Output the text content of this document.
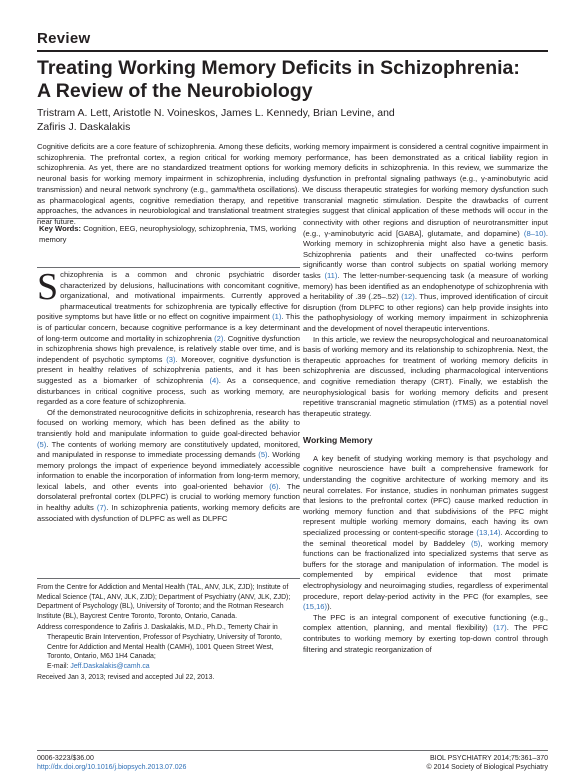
Review
Treating Working Memory Deficits in Schizophrenia:
A Review of the Neurobiology
Tristram A. Lett, Aristotle N. Voineskos, James L. Kennedy, Brian Levine, and
Zafiris J. Daskalakis
Cognitive deficits are a core feature of schizophrenia. Among these deficits, working memory impairment is considered a central cognitive impairment in schizophrenia. The prefrontal cortex, a region critical for working memory performance, has been demonstrated as a critical liability region in schizophrenia. As yet, there are no standardized treatment options for working memory deficits in schizophrenia. In this review, we summarize the neuronal basis for working memory impairment in schizophrenia, including dysfunction in prefrontal signaling pathways (e.g., γ-aminobutyric acid transmission) and neural network synchrony (e.g., gamma/theta oscillations). We discuss therapeutic strategies for working memory dysfunction such as pharmacological agents, cognitive remediation therapy, and repetitive transcranial magnetic stimulation. Despite the drawbacks of current approaches, the advances in neurobiological and translational treatment strategies suggest that clinical application of these methods will occur in the near future.
Key Words: Cognition, EEG, neurophysiology, schizophrenia, TMS, working memory

Schizophrenia is a common and chronic psychiatric disorder characterized by delusions, hallucinations with concomitant cognitive, organizational, and motivational impairments. Currently approved pharmaceutical treatments for schizophrenia are typically effective for positive symptoms but have little or no effect on cognitive impairment (1). This is of particular concern, because cognitive performance is a key determinant of long-term outcome and mortality in schizophrenia (2). Cognitive dysfunction in schizophrenia shows high prevalence, is relatively stable over time, and is independent of psychotic symptoms (3). Moreover, cognitive dysfunction is present in healthy relatives of schizophrenia patients, and it has been suggested as a biomarker of schizophrenia (4). As a consequence, disturbances in critical cognitive process, such as working memory, are regarded as a core feature of schizophrenia.

Of the demonstrated neurocognitive deficits in schizophrenia, research has focused on working memory, which has been defined as the ability to transiently hold and manipulate information to guide goal-directed behavior (5). The contents of working memory are constitutively updated, monitored, and manipulated in response to immediate processing demands (5). Working memory prolongs the impact of experience beyond immediately accessible information to enable the incorporation of information from long-term memory, lexical labels, and other events into goal-oriented behavior (6). The dorsolateral prefrontal cortex (DLPFC) is crucial to working memory function in healthy adults (7). In schizophrenia patients, working memory deficits are associated with dysfunction of DLPFC as well as DLPFC

connectivity with other regions and disruption of neurotransmitter input (e.g., γ-aminobutyric acid [GABA], glutamate, and dopamine) (8–10). Working memory in schizophrenia might also have a genetic basis. Schizophrenia patients and their unaffected co-twins perform significantly worse than control subjects on spatial working memory tasks (11). The letter-number-sequencing task (a measure of working memory) has been identified as an endophenotype of schizophrenia with a heritability of .39 (.25–.52) (12). Thus, improved identification of circuit disruption (from DLPFC to other regions) can help provide insights into the pathophysiology of working memory impairment in schizophrenia and the development of novel therapeutic interventions.

In this article, we review the neuropsychological and neuroanatomical basis of working memory and its relationship to schizophrenia. Next, the therapeutic approaches for treatment of working memory deficits in schizophrenia are discussed, including pharmacological interventions and cognitive remediation therapy (CRT). Finally, we establish the neurophysiological basis for working memory deficits and present repetitive transcranial magnetic stimulation (rTMS) as a potential novel therapeutic strategy.

Working Memory

A key benefit of studying working memory is that psychology and cognitive neuroscience have built a comprehensive framework for understanding the cognitive architecture of working memory and its neural correlates. For instance, studies in nonhuman primates suggest that lesions to the prefrontal cortex (PFC) cause marked reduction in working memory function and that subdivisions of the PFC might represent multiple working memory domains, each having its own specialized processing or content-specific storage (13,14). According to the seminal theoretical model by Baddeley (5), working memory functions can be fractionalized into specialized systems that serve as buffers for the storage and manipulation of information. The model is complemented by empirical evidence that most primate electrophysiology and neuroimaging studies, regardless of experimental procedure, report delay-period activity in the PFC (for examples, see (15,16)).

The PFC is an integral component of executive functioning (e.g., complex attention, planning, and mental flexibility) (17). The PFC contributes to working memory by exerting top-down control through filtering and strategic reorganization of

From the Centre for Addiction and Mental Health (TAL, ANV, JLK, ZJD); Institute of Medical Science (TAL, ANV, JLK, ZJD); Department of Psychiatry (ANV, JLK, ZJD); Department of Psychology (BL), University of Toronto; and the Rotman Research Institute (BL), Baycrest Centre Toronto, Toronto, Ontario, Canada.

Address correspondence to Zafiris J. Daskalakis, M.D., Ph.D., Temerty Chair in Therapeutic Brain Intervention, Professor of Psychiatry, University of Toronto, Centre for Addiction and Mental Health (CAMH), 1001 Queen Street West, Toronto, Ontario, M6J 1H4 Canada;
E-mail: Jeff.Daskalakis@camh.ca

Received Jan 3, 2013; revised and accepted Jul 22, 2013.

0006-3223/$36.00
http://dx.doi.org/10.1016/j.biopsych.2013.07.026
BIOL PSYCHIATRY 2014;75:361–370
© 2014 Society of Biological Psychiatry
